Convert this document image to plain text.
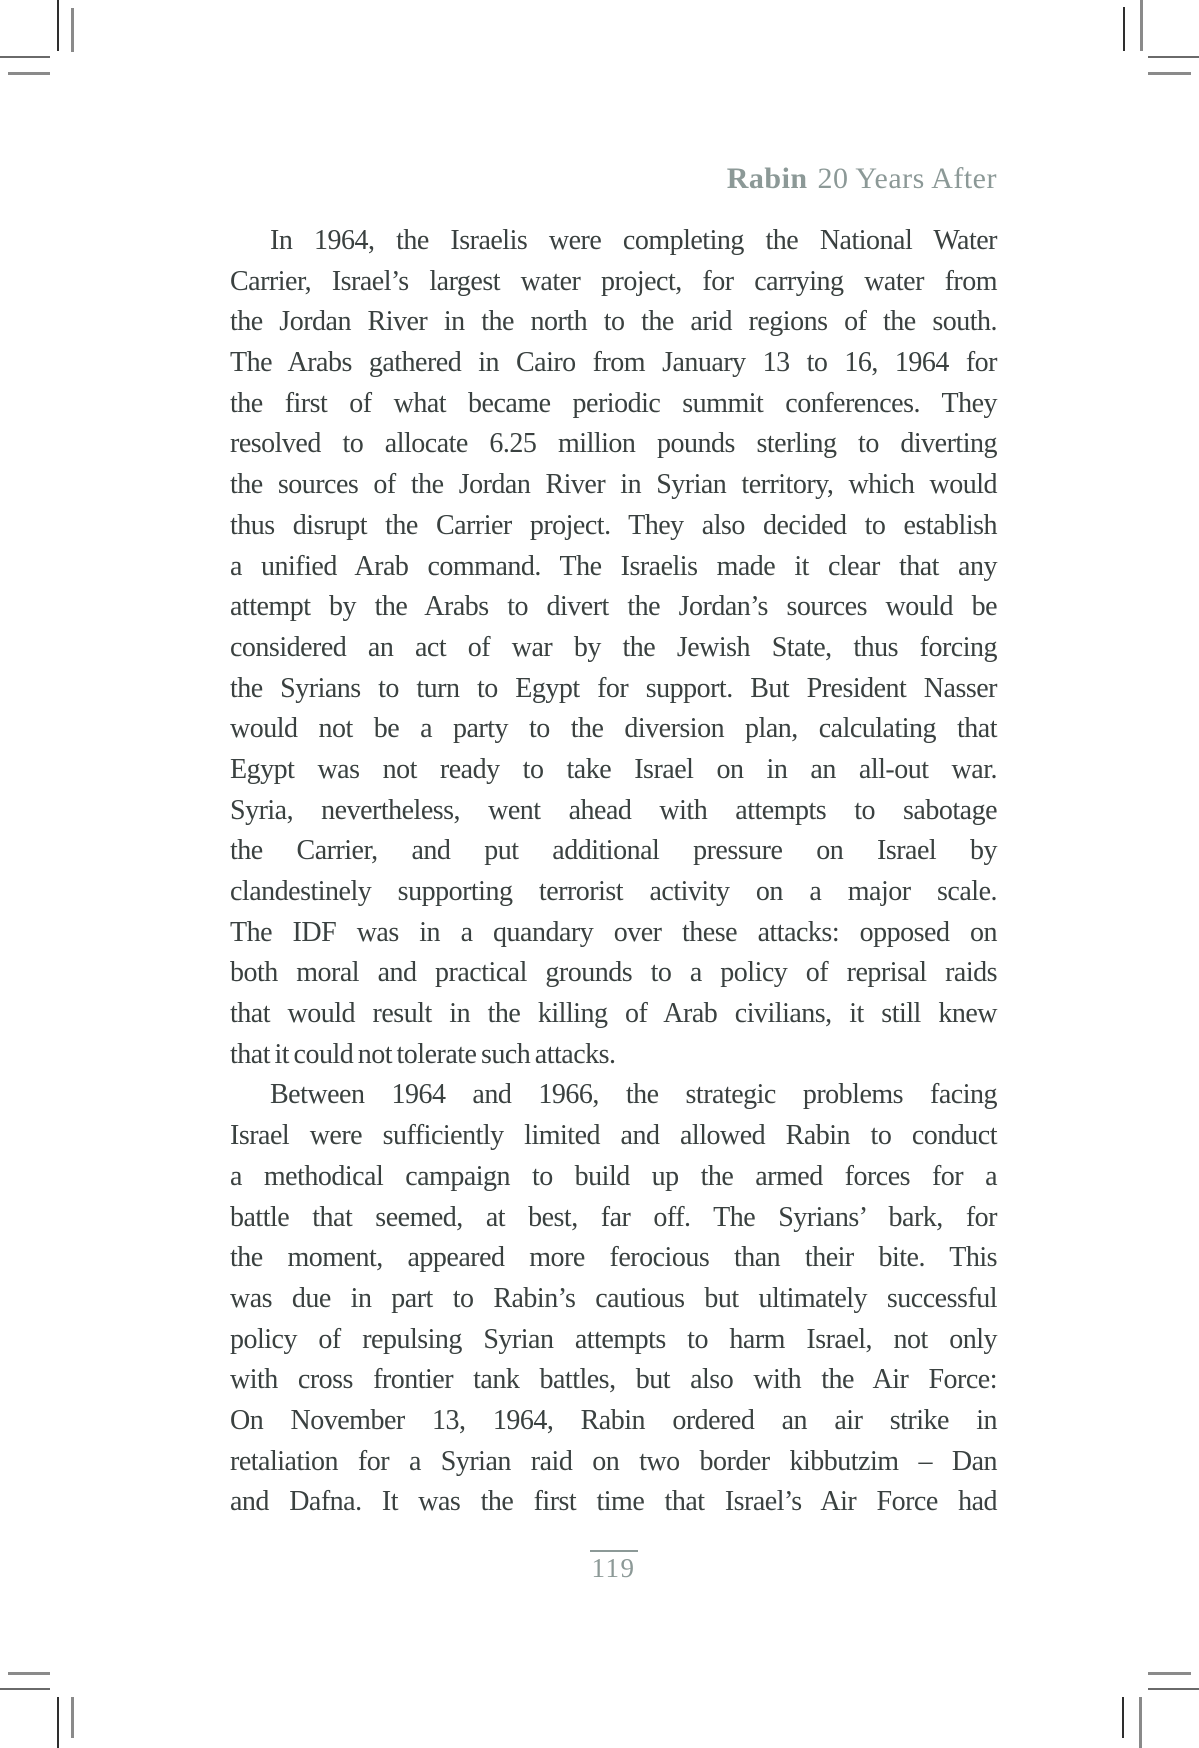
Rabin 20 Years After
In 1964, the Israelis were completing the National Water
Carrier, Israel’s largest water project, for carrying water from
the Jordan River in the north to the arid regions of the south.
The Arabs gathered in Cairo from January 13 to 16, 1964 for
the first of what became periodic summit conferences. They
resolved to allocate 6.25 million pounds sterling to diverting
the sources of the Jordan River in Syrian territory, which would
thus disrupt the Carrier project. They also decided to establish
a unified Arab command. The Israelis made it clear that any
attempt by the Arabs to divert the Jordan’s sources would be
considered an act of war by the Jewish State, thus forcing
the Syrians to turn to Egypt for support. But President Nasser
would not be a party to the diversion plan, calculating that
Egypt was not ready to take Israel on in an all-out war.
Syria, nevertheless, went ahead with attempts to sabotage
the Carrier, and put additional pressure on Israel by
clandestinely supporting terrorist activity on a major scale.
The IDF was in a quandary over these attacks: opposed on
both moral and practical grounds to a policy of reprisal raids
that would result in the killing of Arab civilians, it still knew
that it could not tolerate such attacks.
Between 1964 and 1966, the strategic problems facing
Israel were sufficiently limited and allowed Rabin to conduct
a methodical campaign to build up the armed forces for a
battle that seemed, at best, far off. The Syrians’ bark, for
the moment, appeared more ferocious than their bite. This
was due in part to Rabin’s cautious but ultimately successful
policy of repulsing Syrian attempts to harm Israel, not only
with cross frontier tank battles, but also with the Air Force:
On November 13, 1964, Rabin ordered an air strike in
retaliation for a Syrian raid on two border kibbutzim – Dan
and Dafna. It was the first time that Israel’s Air Force had
119
